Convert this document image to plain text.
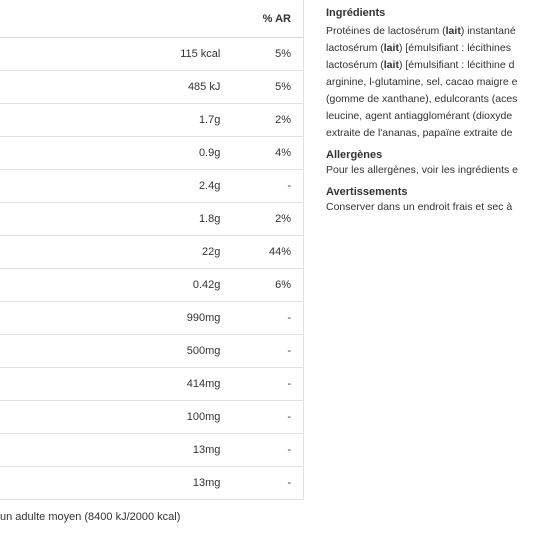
		% AR
	115 kcal	5%
	485 kJ	5%
	1.7g	2%
	0.9g	4%
	2.4g	-
	1.8g	2%
	22g	44%
	0.42g	6%
	990mg	-
	500mg	-
	414mg	-
	100mg	-
	13mg	-
	13mg	-
un adulte moyen (8400 kJ/2000 kcal)
Ingrédients

Protéines de lactosérum (lait) instantané
lactosérum (lait) [émulsifiant : lécithines
lactosérum (lait) [émulsifiant : lécithine d
arginine, l-glutamine, sel, cacao maigre e
(gomme de xanthane), edulcorants (aces
leucine, agent antiagglomérant (dioxyde
extraite de l'ananas, papaïne extraite de

Allergènes

Pour les allergènes, voir les ingrédients e

Avertissements

Conserver dans un endroit frais et sec à
